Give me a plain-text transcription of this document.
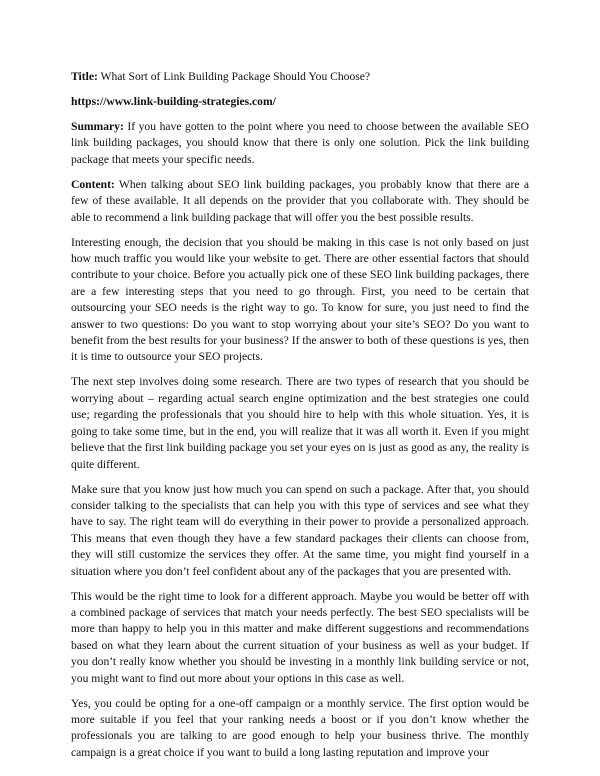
Title: What Sort of Link Building Package Should You Choose?

https://www.link-building-strategies.com/

Summary: If you have gotten to the point where you need to choose between the available SEO link building packages, you should know that there is only one solution. Pick the link building package that meets your specific needs.

Content: When talking about SEO link building packages, you probably know that there are a few of these available. It all depends on the provider that you collaborate with. They should be able to recommend a link building package that will offer you the best possible results.

Interesting enough, the decision that you should be making in this case is not only based on just how much traffic you would like your website to get. There are other essential factors that should contribute to your choice. Before you actually pick one of these SEO link building packages, there are a few interesting steps that you need to go through. First, you need to be certain that outsourcing your SEO needs is the right way to go. To know for sure, you just need to find the answer to two questions: Do you want to stop worrying about your site’s SEO? Do you want to benefit from the best results for your business? If the answer to both of these questions is yes, then it is time to outsource your SEO projects.

The next step involves doing some research. There are two types of research that you should be worrying about – regarding actual search engine optimization and the best strategies one could use; regarding the professionals that you should hire to help with this whole situation. Yes, it is going to take some time, but in the end, you will realize that it was all worth it. Even if you might believe that the first link building package you set your eyes on is just as good as any, the reality is quite different.

Make sure that you know just how much you can spend on such a package. After that, you should consider talking to the specialists that can help you with this type of services and see what they have to say. The right team will do everything in their power to provide a personalized approach. This means that even though they have a few standard packages their clients can choose from, they will still customize the services they offer. At the same time, you might find yourself in a situation where you don’t feel confident about any of the packages that you are presented with.

This would be the right time to look for a different approach. Maybe you would be better off with a combined package of services that match your needs perfectly. The best SEO specialists will be more than happy to help you in this matter and make different suggestions and recommendations based on what they learn about the current situation of your business as well as your budget. If you don’t really know whether you should be investing in a monthly link building service or not, you might want to find out more about your options in this case as well.

Yes, you could be opting for a one-off campaign or a monthly service. The first option would be more suitable if you feel that your ranking needs a boost or if you don’t know whether the professionals you are talking to are good enough to help your business thrive. The monthly campaign is a great choice if you want to build a long lasting reputation and improve your
